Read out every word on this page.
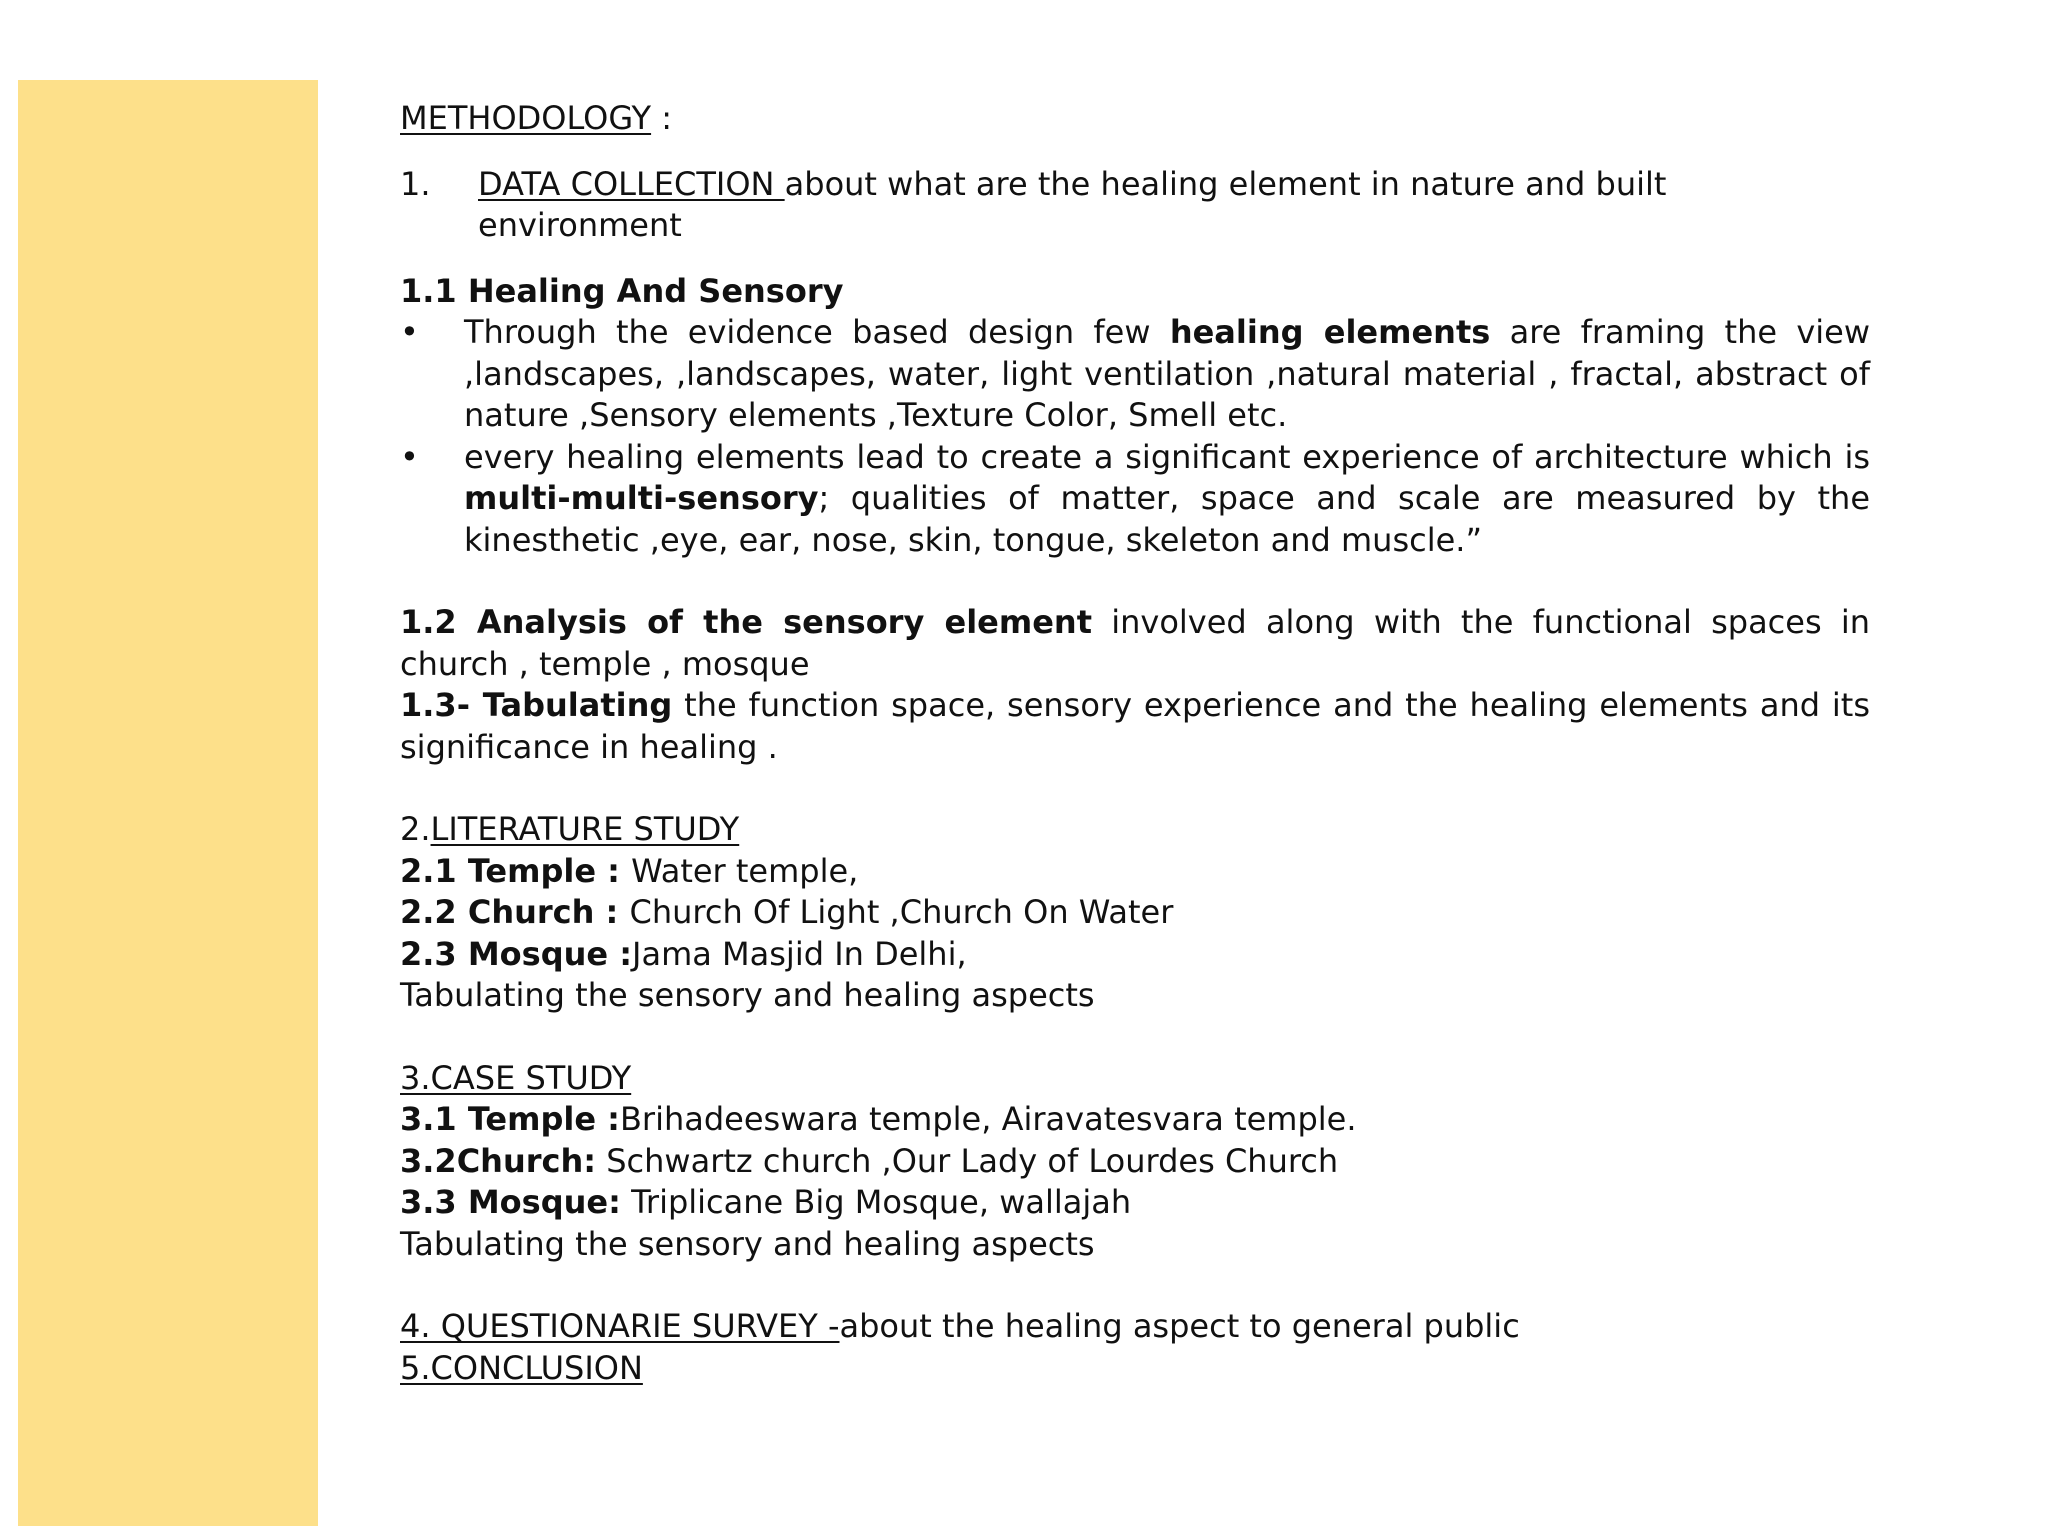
METHODOLOGY :

1.	DATA COLLECTION about what are the healing element in nature and built environment

1.1 Healing And Sensory

• Through the evidence based design few healing elements are framing the view ,landscapes, ,landscapes, water, light ventilation ,natural material , fractal, abstract of nature ,Sensory elements ,Texture Color, Smell etc.
• every healing elements lead to create a significant experience of architecture which is multi-multi-sensory; qualities of matter, space and scale are measured by the kinesthetic ,eye, ear, nose, skin, tongue, skeleton and muscle.”

1.2 Analysis of the sensory element involved along with the functional spaces in church , temple , mosque

1.3- Tabulating the function space, sensory experience and the healing elements and its significance in healing .

2.LITERATURE STUDY

2.1 Temple : Water temple,

2.2 Church : Church Of Light ,Church On Water

2.3 Mosque :Jama Masjid In Delhi,

Tabulating the sensory and healing aspects

3.CASE STUDY

3.1 Temple :Brihadeeswara temple, Airavatesvara temple.

3.2Church: Schwartz church ,Our Lady of Lourdes Church

3.3 Mosque: Triplicane Big Mosque, wallajah

Tabulating the sensory and healing aspects

4. QUESTIONARIE SURVEY -about the healing aspect to general public

5.CONCLUSION
